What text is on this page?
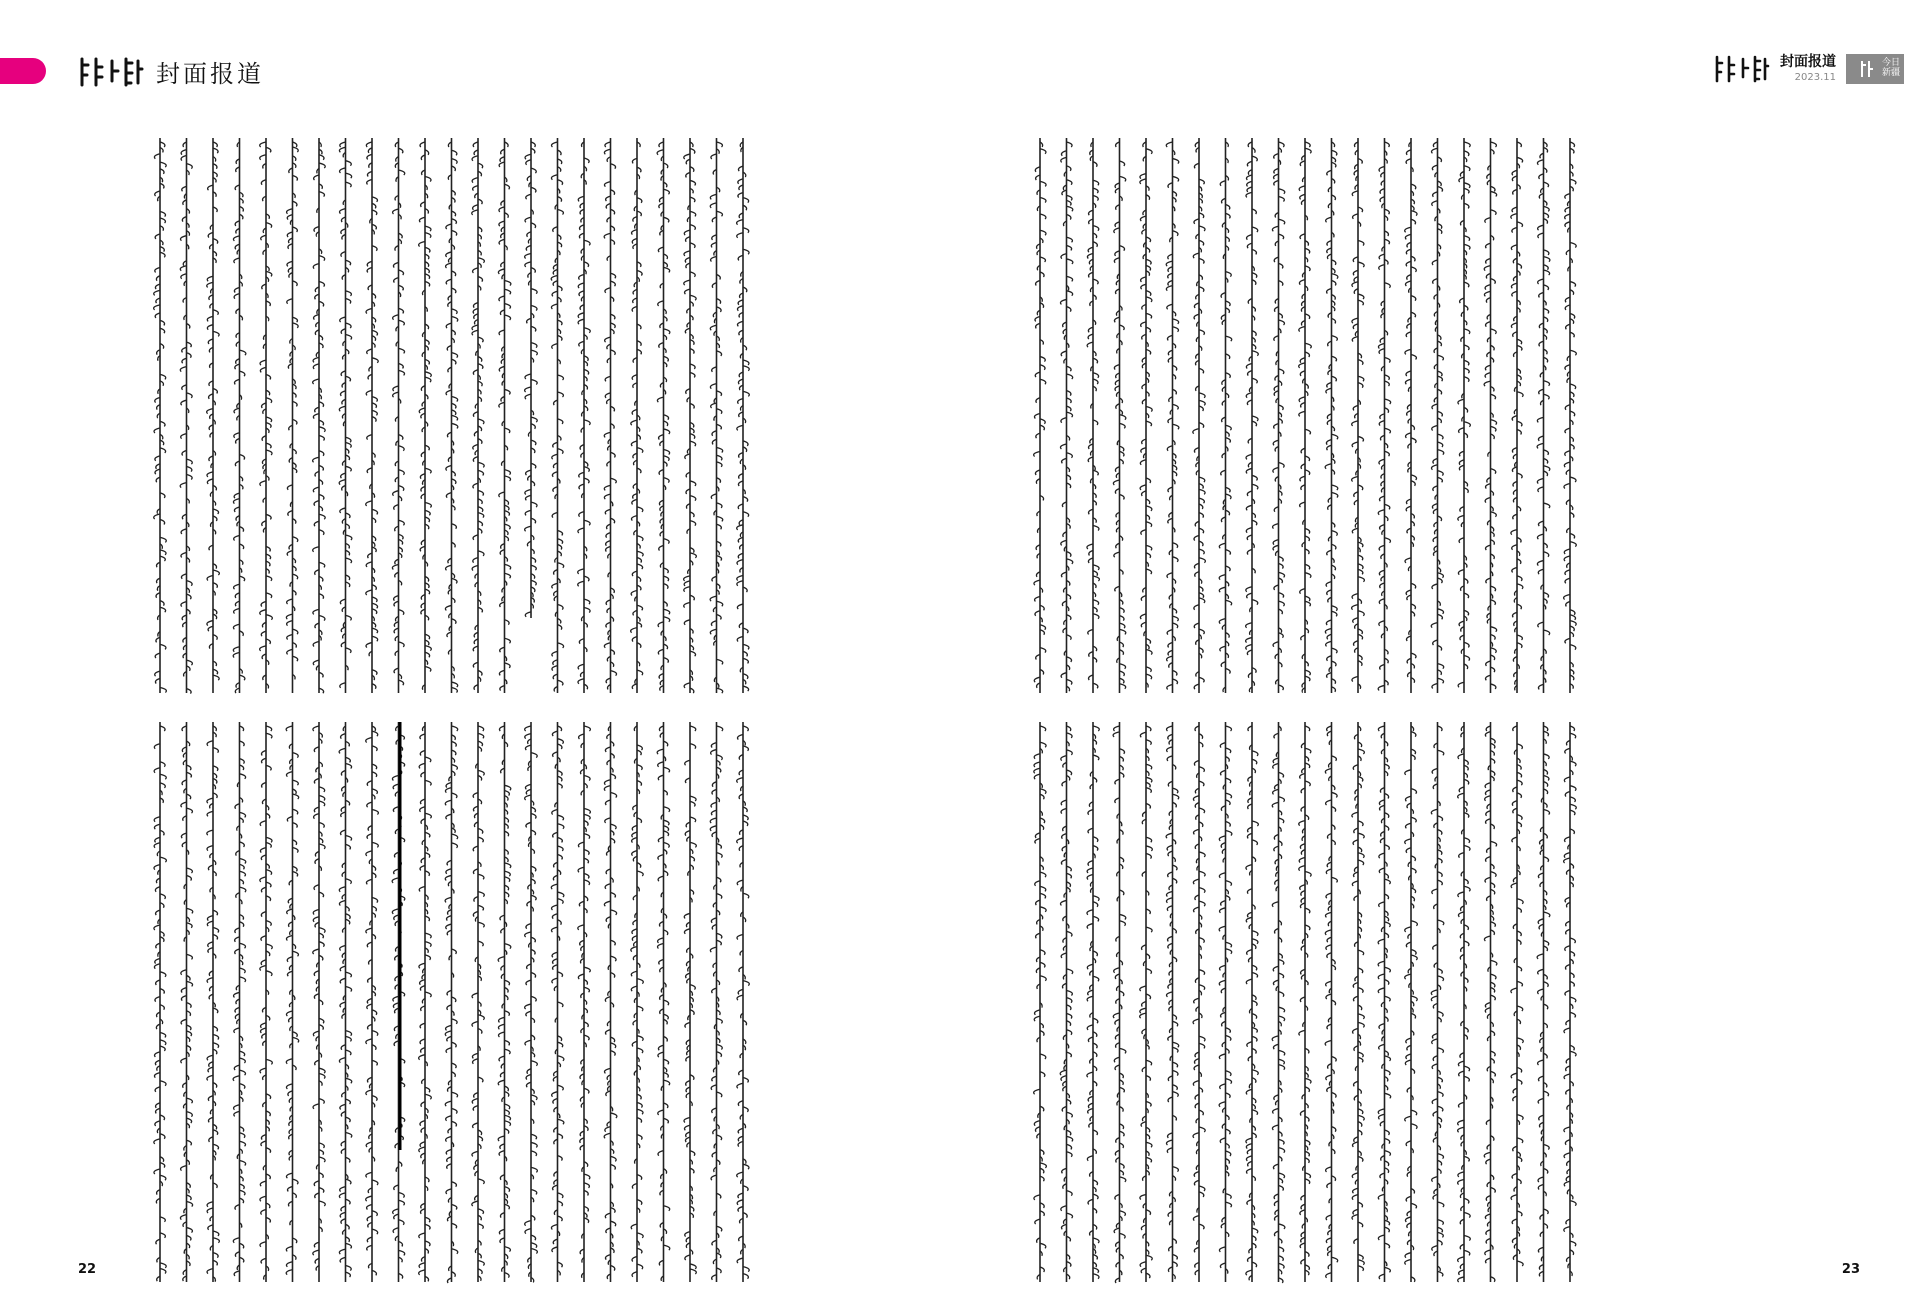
封面报道
22
封面报道
2023.11
今日
新疆
23
